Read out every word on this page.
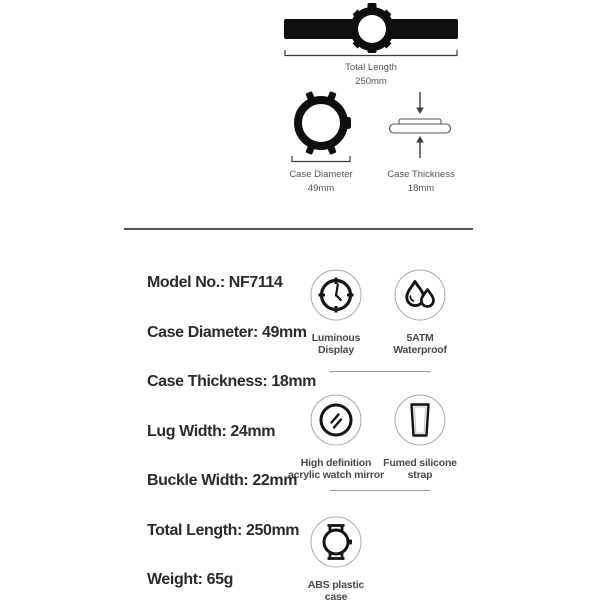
Total Length
250mm
Case Diameter
49mm
Case Thickness
18mm
Model No.: NF7114
Case Diameter: 49mm
Case Thickness: 18mm
Lug Width: 24mm
Buckle Width: 22mm
Total Length: 250mm
Weight: 65g
Luminous
Display
5ATM
Waterproof
High definition
acrylic watch mirror
Fumed silicone
strap
ABS plastic
case
